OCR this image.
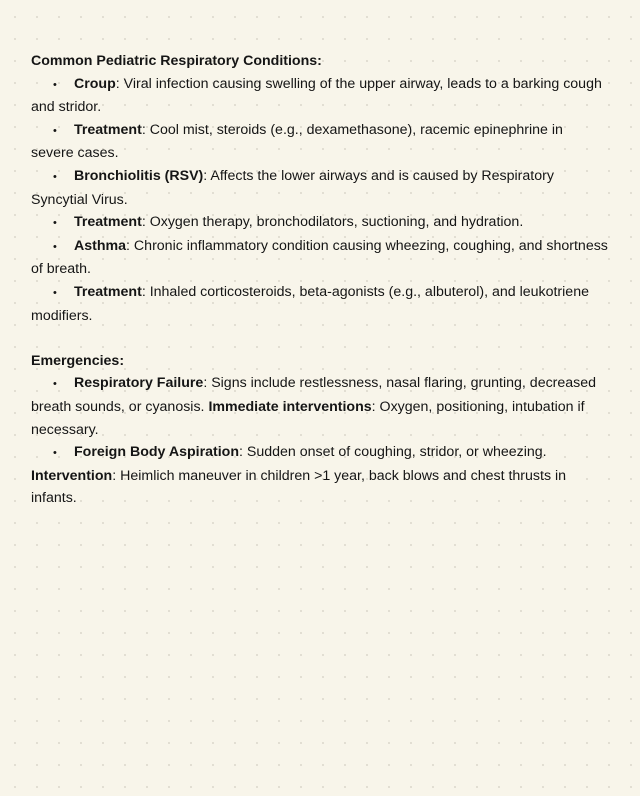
Common Pediatric Respiratory Conditions:

• Croup: Viral infection causing swelling of the upper airway, leads to a barking cough and stridor.
• Treatment: Cool mist, steroids (e.g., dexamethasone), racemic epinephrine in severe cases.
• Bronchiolitis (RSV): Affects the lower airways and is caused by Respiratory Syncytial Virus.
• Treatment: Oxygen therapy, bronchodilators, suctioning, and hydration.
• Asthma: Chronic inflammatory condition causing wheezing, coughing, and shortness of breath.
• Treatment: Inhaled corticosteroids, beta-agonists (e.g., albuterol), and leukotriene modifiers.

Emergencies:

• Respiratory Failure: Signs include restlessness, nasal flaring, grunting, decreased breath sounds, or cyanosis. Immediate interventions: Oxygen, positioning, intubation if necessary.
• Foreign Body Aspiration: Sudden onset of coughing, stridor, or wheezing.

Intervention: Heimlich maneuver in children >1 year, back blows and chest thrusts in infants.
